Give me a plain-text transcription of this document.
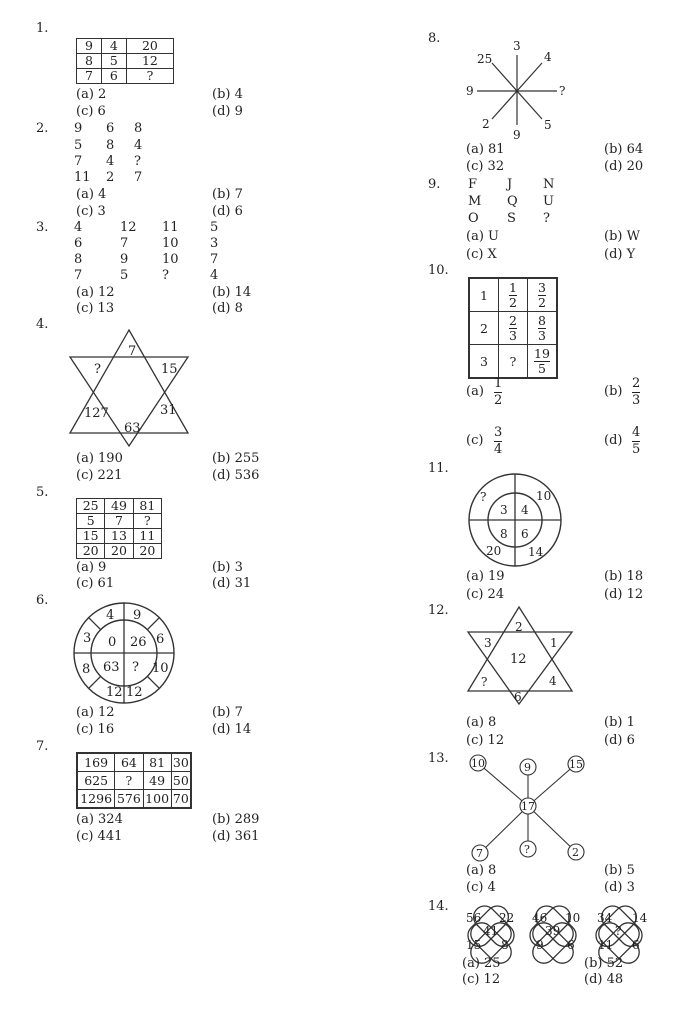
1.
9	4	20
8	5	12
7	6	?
(a) 2	(b) 4
(c) 6	(d) 9
2. 9 6 8
5 8 4
7 4 ?
11 2 7
(a) 4	(b) 7
(c) 3	(d) 6
3. 4	12 11 5
6	7	10 3
8	9	10 7
7	5	?	4
(a) 12	(b) 14
(c) 13	(d) 8
4.
7
15
31
63
127
?
(a) 190	(b) 255
(c) 221	(d) 536
5.
25	49	81
5	7	?
15	13	11
20	20	20
(a) 9	(b) 3
(c) 61	(d) 31
6.
4 9
6
10
12
12
8
3 0 26
63 ?
(a) 12	(b) 7
(c) 16	(d) 14
7.
169	64	81	30
625	?	49	50
1296	576	100	70
(a) 324	(b) 289
(c) 441	(d) 361
8.	3
4
?
5
9
2
9
25
(a) 81	(b) 64
(c) 32	(d) 20
9. F J N
M Q U
O S ?
(a) U	(b) W
(c) X	(d) Y
10.
1	$\frac{1}{2}$	$\frac{3}{2}$

2	$\frac{2}{3}$	$\frac{8}{3}$

3	?	$\frac{19}{5}$
(a)
1
2
(b)
2
3
(c)
3
4
(d)
4
5
11.
?	10
14
20
3 4
8 6
(a) 19	(b) 18
(c) 24	(d) 12
12.
2
1
4
6
?
3
12
(a) 8	(b) 1
(c) 12	(d) 6
13.
17
10	9	15
7	?	2
(a) 8	(b) 5
(c) 4	(d) 3
14.
56 22
41
15 8
46 10
39
9 6
34 14
?
11 6
(a) 25	(b) 52
(c) 12	(d) 48
